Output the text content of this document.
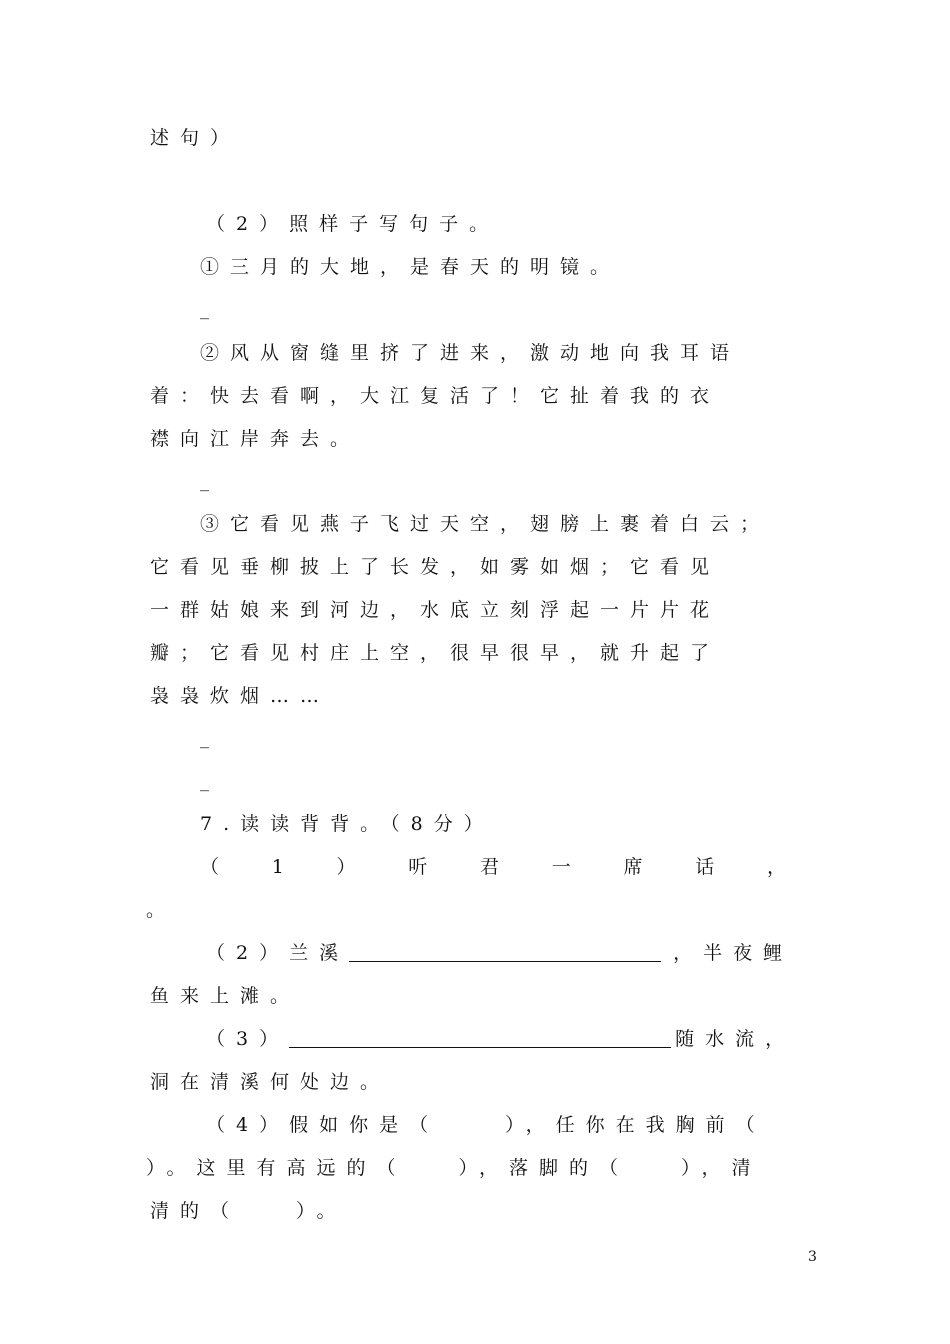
述句）
（2）照样子写句子。
①三月的大地，是春天的明镜。
_
②风从窗缝里挤了进来，激动地向我耳语
着：快去看啊，大江复活了！它扯着我的衣
襟向江岸奔去。
_
③它看见燕子飞过天空，翅膀上裹着白云；
它看见垂柳披上了长发，如雾如烟；它看见
一群姑娘来到河边，水底立刻浮起一片片花
瓣；它看见村庄上空，很早很早，就升起了
袅袅炊烟……
_
_
7.读读背背。（8分）
（	1	）	听	君	一	席	话	，
。
（2）兰溪	，半夜鲤
鱼来上滩。
（3）	随水流，
洞在清溪何处边。
（4）假如你是（	），任你在我胸前（
）。这里有高远的（	），落脚的（	），清
清的（	）。
3
